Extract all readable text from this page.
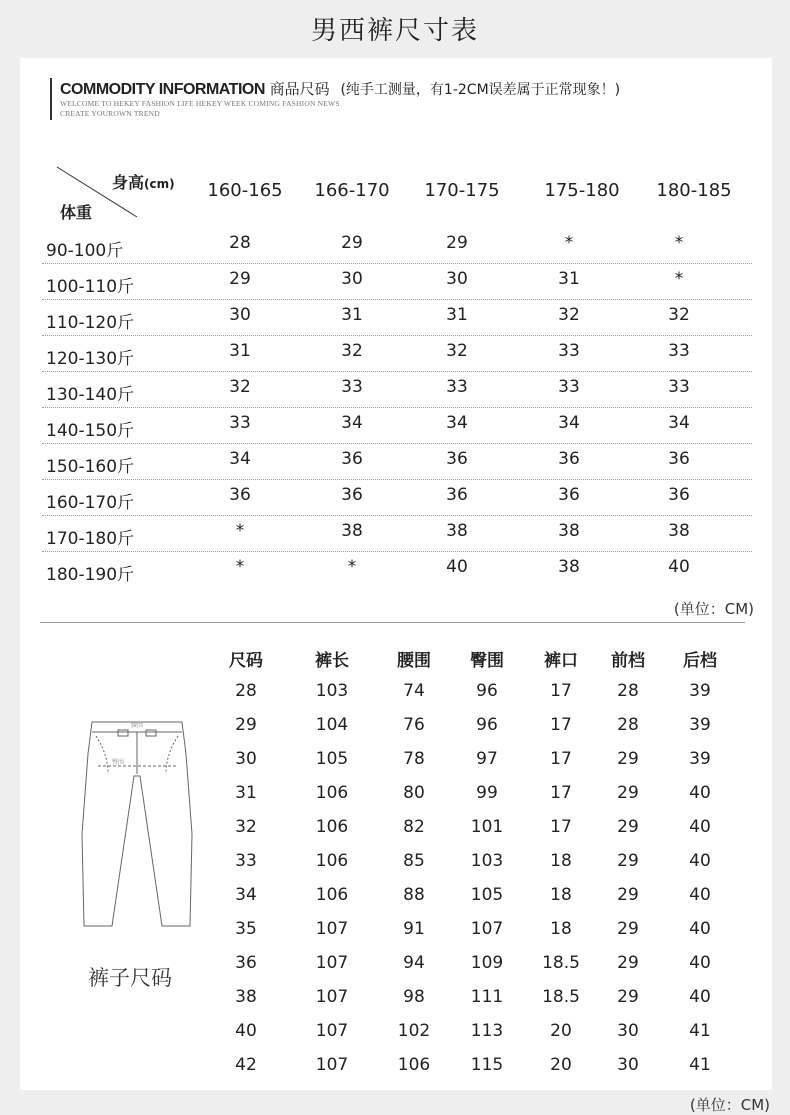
男西裤尺寸表
COMMODITY INFORMATION 商品尺码 (纯手工测量，有1-2CM误差属于正常现象！)
WELCOME TO HEKEY FASHION LIFE HEKEY WEEK COMING FASHION NEWS
CREATE YOUROWN TREND
身高(cm)
体重
160-165 166-170 170-175 175-180 180-185
90-100斤	28	29	29	*	*
100-110斤	29	30	30	31	*
110-120斤	30	31	31	32	32
120-130斤	31	32	32	33	33
130-140斤	32	33	33	33	33
140-150斤	33	34	34	34	34
150-160斤	34	36	36	36	36
160-170斤	36	36	36	36	36
170-180斤	*	38	38	38	38
180-190斤	*	*	40	38	40
(单位：CM)
腰围
臀围
裤子尺码
尺码	裤长	腰围 臀围 裤口 前档 后档
28	103	74	96	17	28	39
29	104	76	96	17	28	39
30	105	78	97	17	29	39
31	106	80	99	17	29	40
32	106	82	101	17	29	40
33	106	85	103	18	29	40
34	106	88	105	18	29	40
35	107	91	107	18	29	40
36	107	94	109 18.5 29	40
38	107	98	111 18.5 29	40
40	107	102 113	20	30	41
42	107	106 115	20	30	41
(单位：CM)
